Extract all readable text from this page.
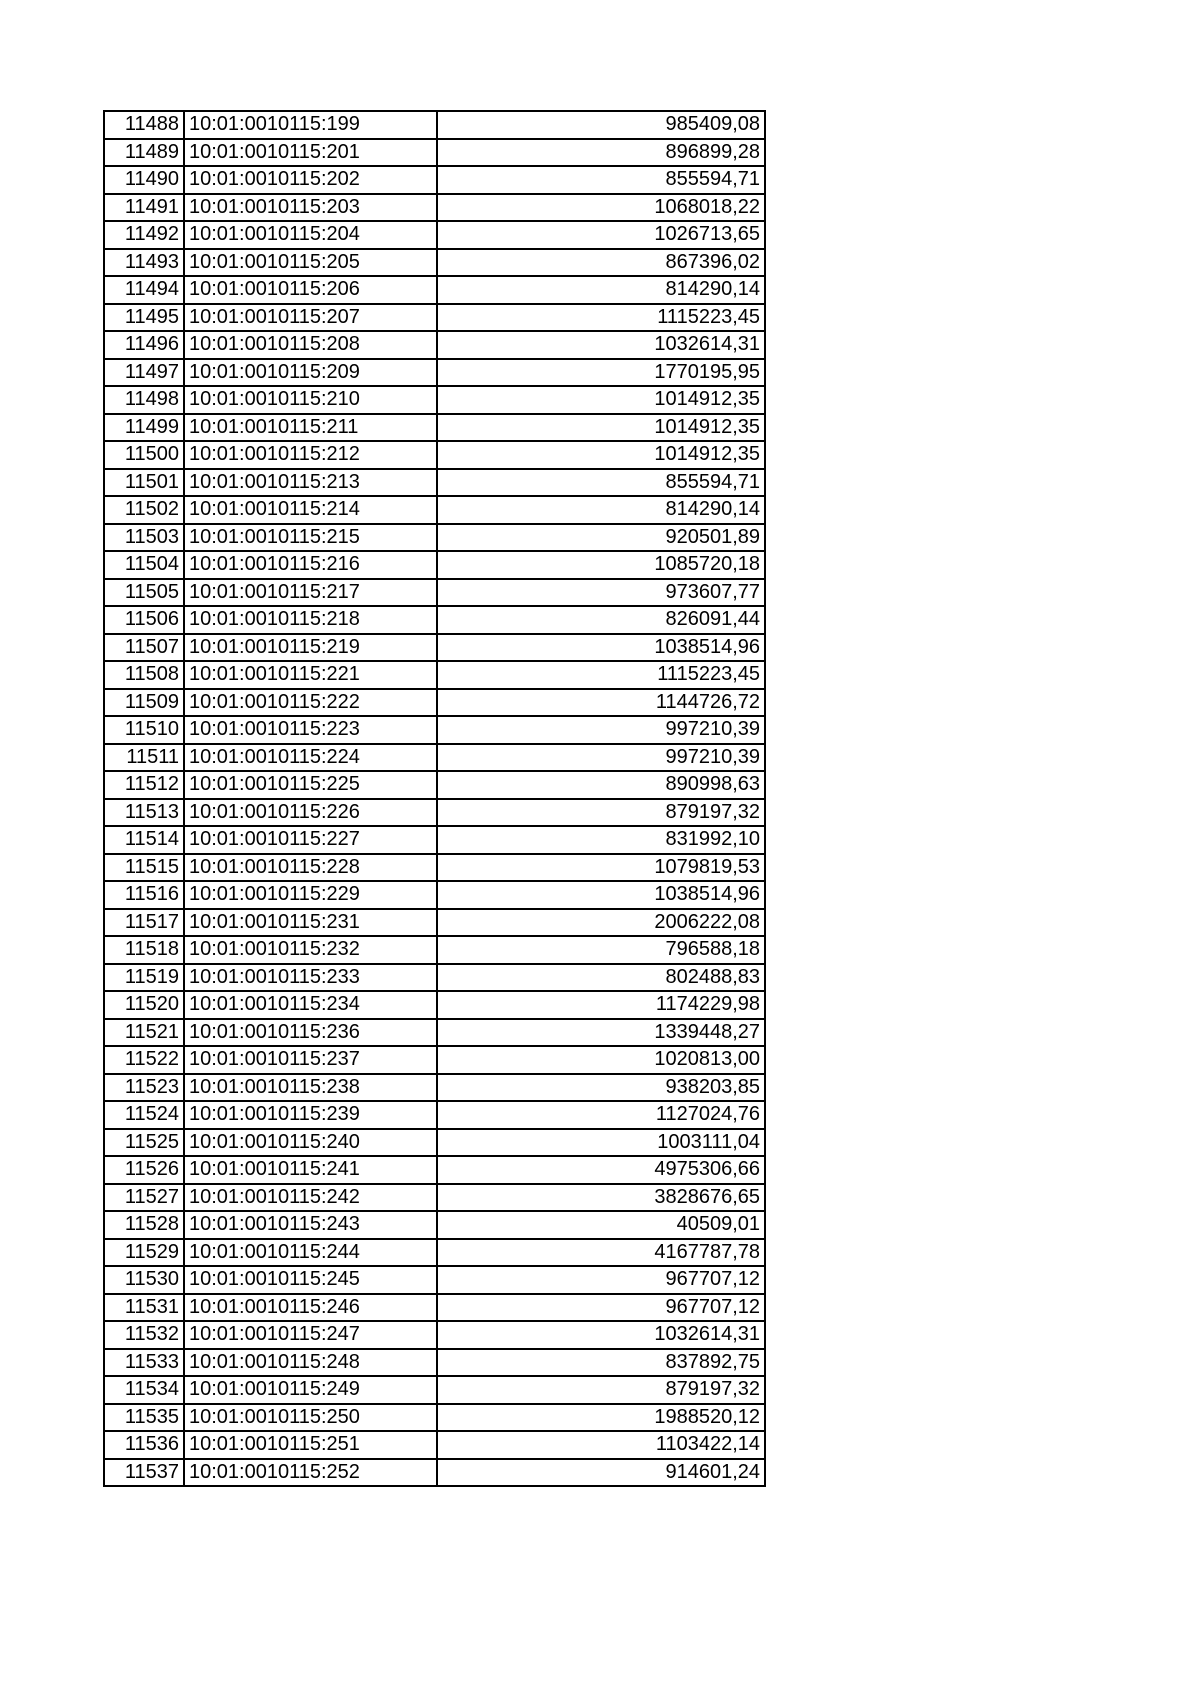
11488	10:01:0010115:199	985409,08
11489	10:01:0010115:201	896899,28
11490	10:01:0010115:202	855594,71
11491	10:01:0010115:203	1068018,22
11492	10:01:0010115:204	1026713,65
11493	10:01:0010115:205	867396,02
11494	10:01:0010115:206	814290,14
11495	10:01:0010115:207	1115223,45
11496	10:01:0010115:208	1032614,31
11497	10:01:0010115:209	1770195,95
11498	10:01:0010115:210	1014912,35
11499	10:01:0010115:211	1014912,35
11500	10:01:0010115:212	1014912,35
11501	10:01:0010115:213	855594,71
11502	10:01:0010115:214	814290,14
11503	10:01:0010115:215	920501,89
11504	10:01:0010115:216	1085720,18
11505	10:01:0010115:217	973607,77
11506	10:01:0010115:218	826091,44
11507	10:01:0010115:219	1038514,96
11508	10:01:0010115:221	1115223,45
11509	10:01:0010115:222	1144726,72
11510	10:01:0010115:223	997210,39
11511	10:01:0010115:224	997210,39
11512	10:01:0010115:225	890998,63
11513	10:01:0010115:226	879197,32
11514	10:01:0010115:227	831992,10
11515	10:01:0010115:228	1079819,53
11516	10:01:0010115:229	1038514,96
11517	10:01:0010115:231	2006222,08
11518	10:01:0010115:232	796588,18
11519	10:01:0010115:233	802488,83
11520	10:01:0010115:234	1174229,98
11521	10:01:0010115:236	1339448,27
11522	10:01:0010115:237	1020813,00
11523	10:01:0010115:238	938203,85
11524	10:01:0010115:239	1127024,76
11525	10:01:0010115:240	1003111,04
11526	10:01:0010115:241	4975306,66
11527	10:01:0010115:242	3828676,65
11528	10:01:0010115:243	40509,01
11529	10:01:0010115:244	4167787,78
11530	10:01:0010115:245	967707,12
11531	10:01:0010115:246	967707,12
11532	10:01:0010115:247	1032614,31
11533	10:01:0010115:248	837892,75
11534	10:01:0010115:249	879197,32
11535	10:01:0010115:250	1988520,12
11536	10:01:0010115:251	1103422,14
11537	10:01:0010115:252	914601,24
